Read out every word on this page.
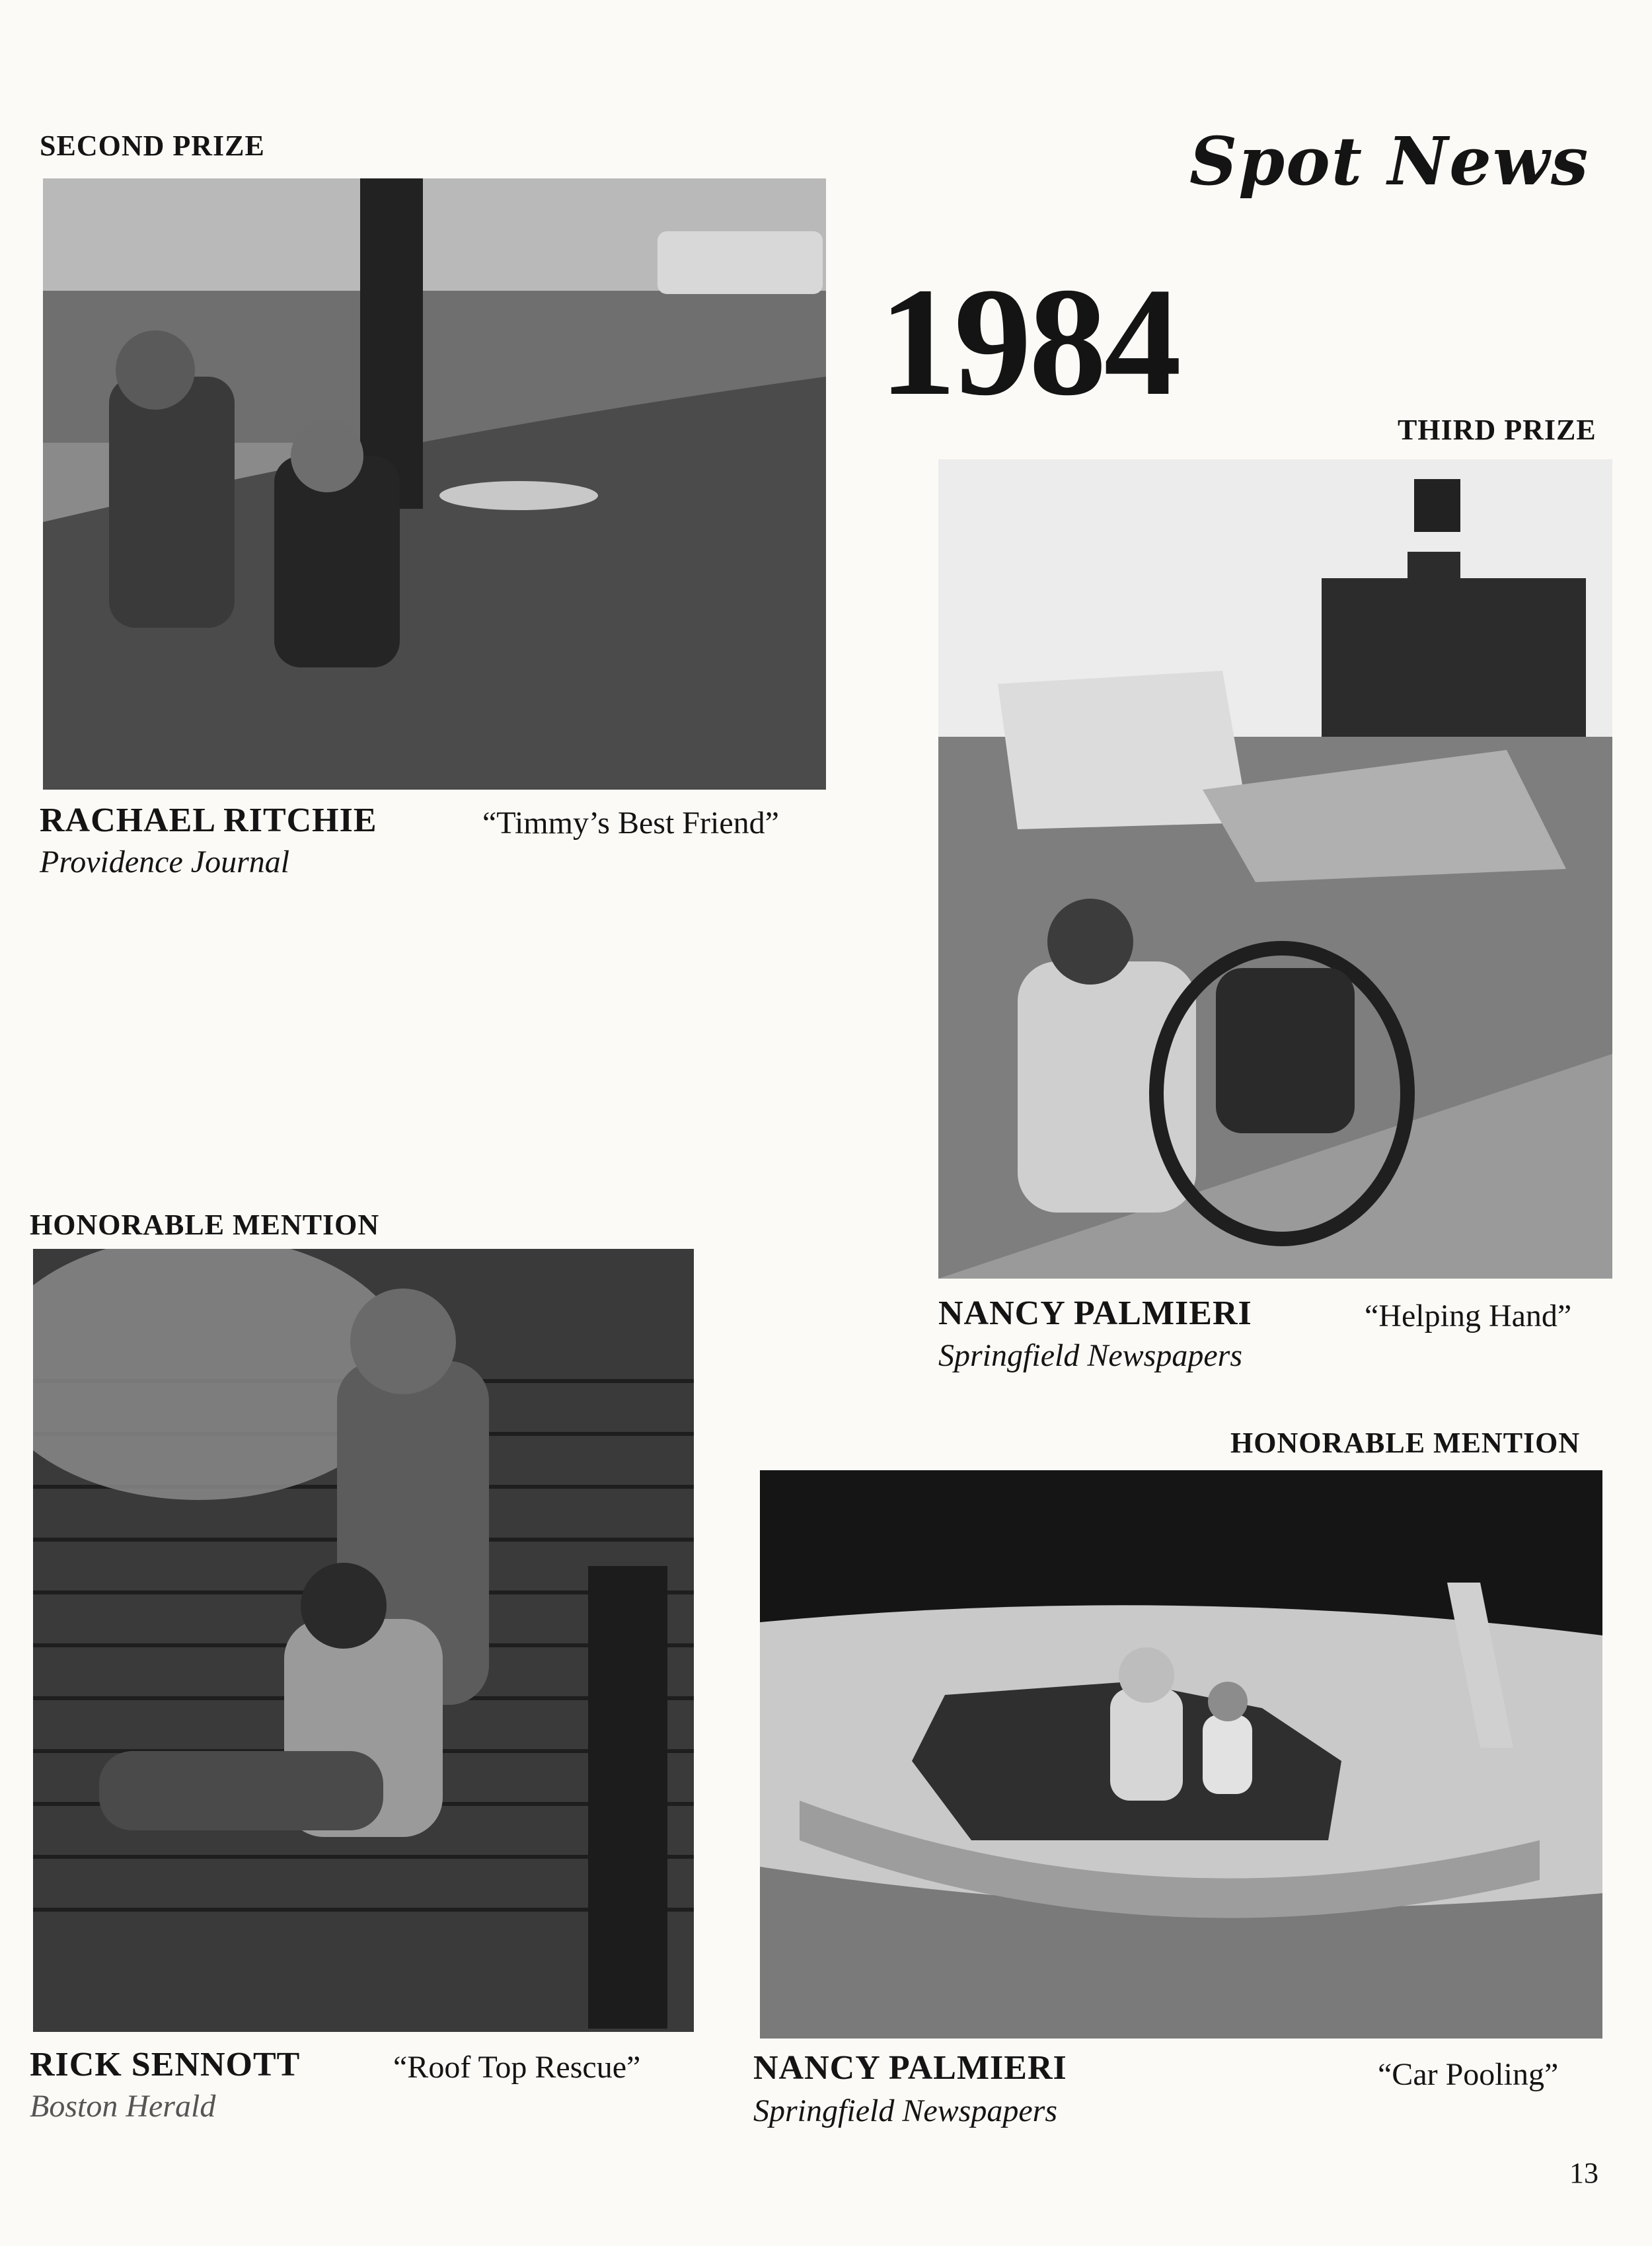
Spot News
1984
SECOND PRIZE
RACHAEL RITCHIE	“Timmy’s Best Friend”
Providence Journal
THIRD PRIZE
NANCY PALMIERI	“Helping Hand”
Springfield Newspapers
HONORABLE MENTION
RICK SENNOTT	“Roof Top Rescue”
Boston Herald
HONORABLE MENTION
NANCY PALMIERI	“Car Pooling”
Springfield Newspapers
13
